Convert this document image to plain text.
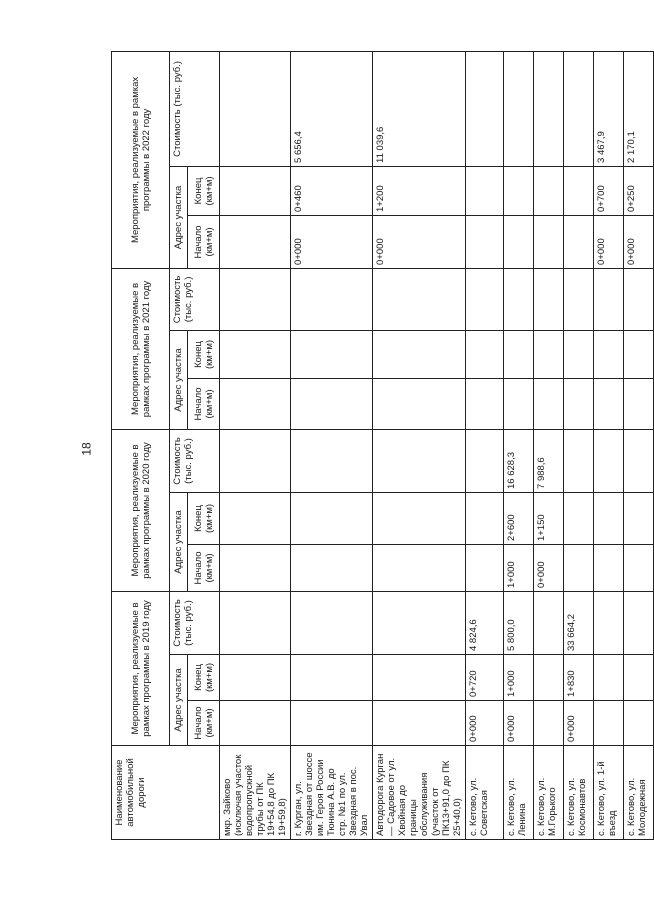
18
Наименование автомобильной дороги	Мероприятия, реализуемые в рамках программы в 2019 году			Мероприятия, реализуемые в рамках программы в 2020 году			Мероприятия, реализуемые в рамках программы в 2021 году			Мероприятия, реализуемые в рамках программы в 2022 году		
	Адрес участка		Стоимость (тыс. руб.)	Адрес участка		Стоимость (тыс. руб.)	Адрес участка		Стоимость (тыс. руб.)	Адрес участка		Стоимость (тыс. руб.)
	Начало (км+м)	Конец (км+м)		Начало (км+м)	Конец (км+м)		Начало (км+м)	Конец (км+м)		Начало (км+м)	Конец (км+м)	
мкр. Зайково (исключая участок водопропускной трубы от ПК 19+54,8 до ПК 19+59,8)												
г. Курган, ул. Звездная от шоссе им. Героя России Тюнина А.В. до стр. №1 по ул. Звездная в пос. Увал										0+000	0+460	5 656,4
Автодорога Курган — Садовое от ул. Хвойная до границы обслуживания (участок от ПК13+91,0 до ПК 25+40,0)										0+000	1+200	11 039,6
с. Кетово, ул. Советская	0+000	0+720	4 824,6									
с. Кетово, ул. Ленина	0+000	1+000	5 800,0	1+000	2+600	16 628,3						
с. Кетово, ул. М.Горького				0+000	1+150	7 988,6						
с. Кетово, ул. Космонавтов	0+000	1+830	33 664,2									
с. Кетово, ул. 1-й въезд										0+000	0+700	3 467,9
с. Кетово, ул. Молодежная										0+000	0+250	2 170,1
